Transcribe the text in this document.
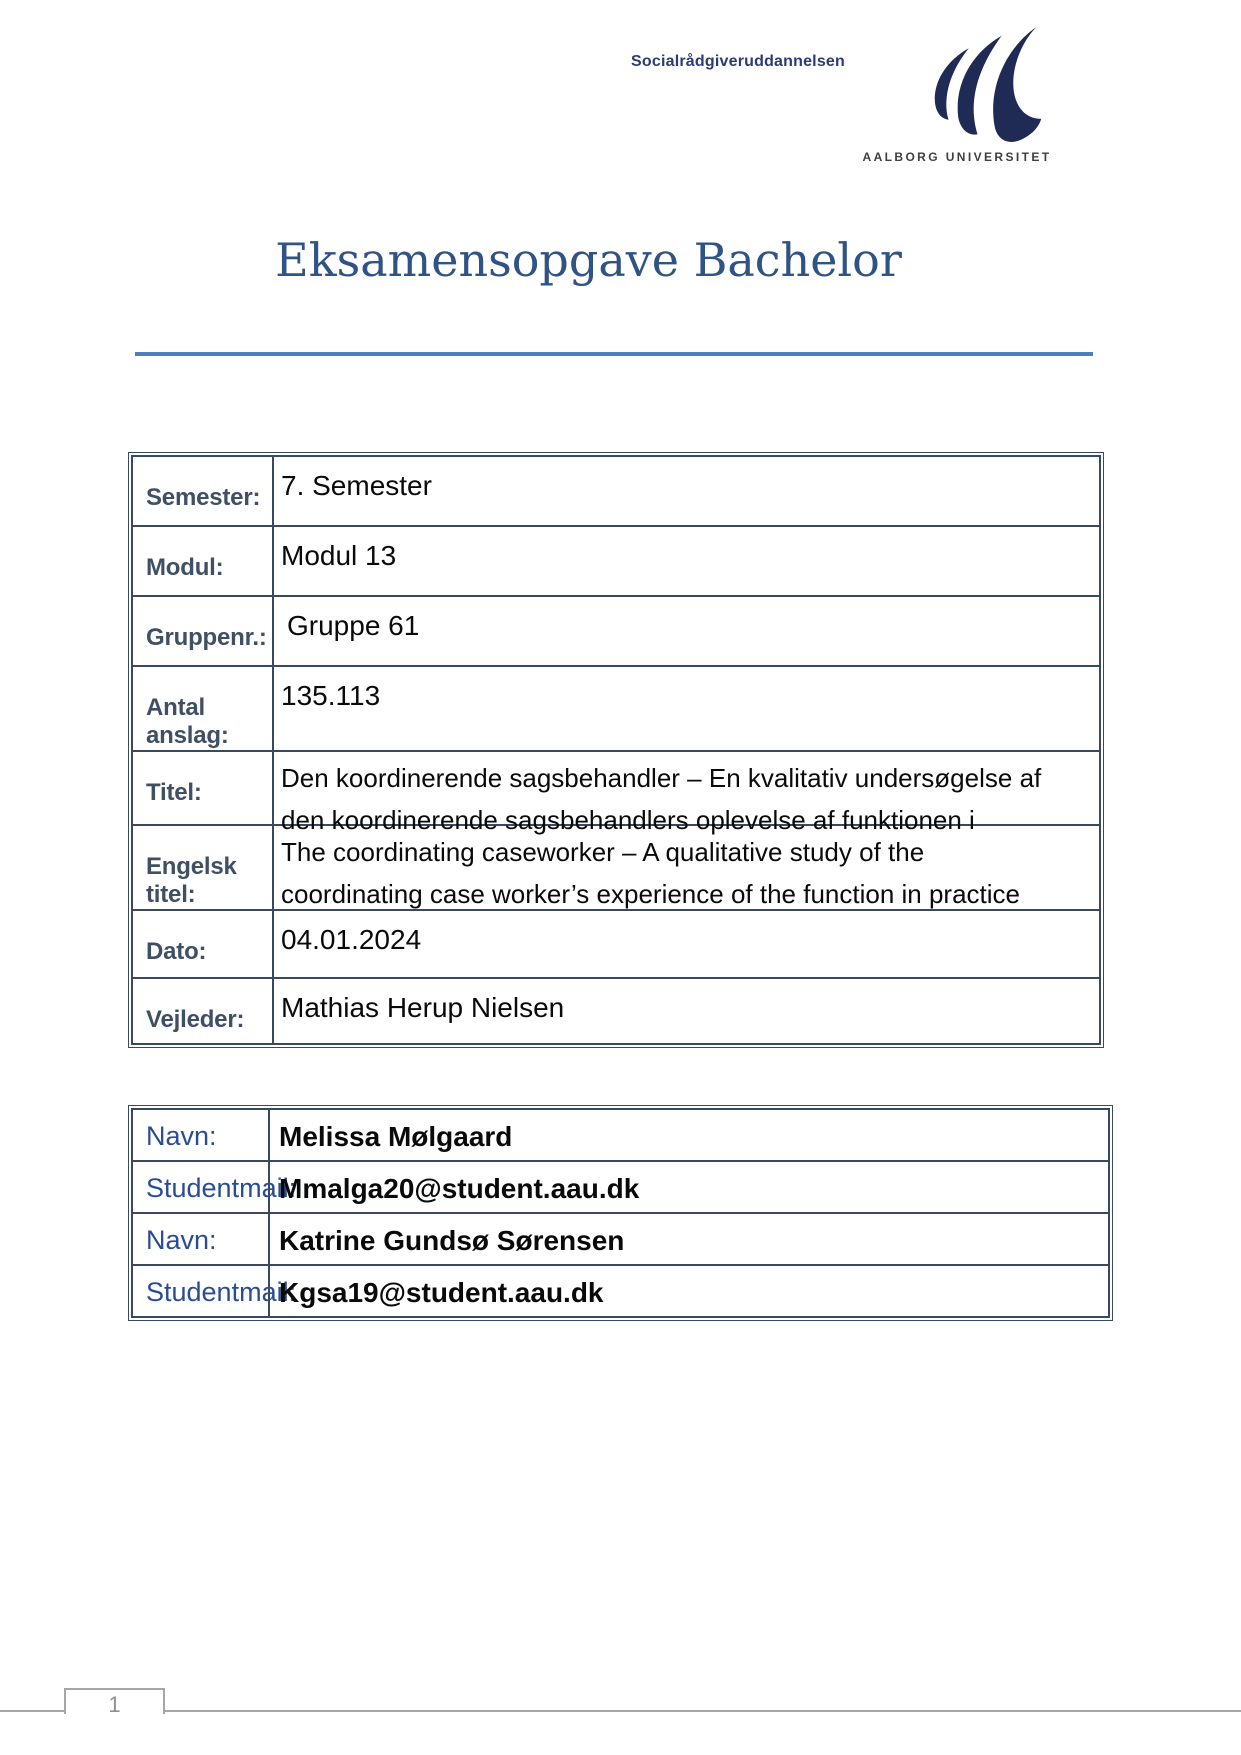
Socialrådgiveruddannelsen
AALBORG UNIVERSITET
Eksamensopgave Bachelor
Semester:	7. Semester
Modul:	Modul 13
Gruppenr.:	Gruppe 61
Antal anslag:	135.113
Titel:	Den koordinerende sagsbehandler – En kvalitativ undersøgelse af
den koordinerende sagsbehandlers oplevelse af funktionen i

Engelsk titel:	The coordinating caseworker – A qualitative study of the
coordinating case worker’s experience of the function in practice

Dato:	04.01.2024
Vejleder:	Mathias Herup Nielsen
Navn:	Melissa Mølgaard
Studentmail:	Mmalga20@student.aau.dk
Navn:	Katrine Gundsø Sørensen
Studentmail:	Kgsa19@student.aau.dk
1
